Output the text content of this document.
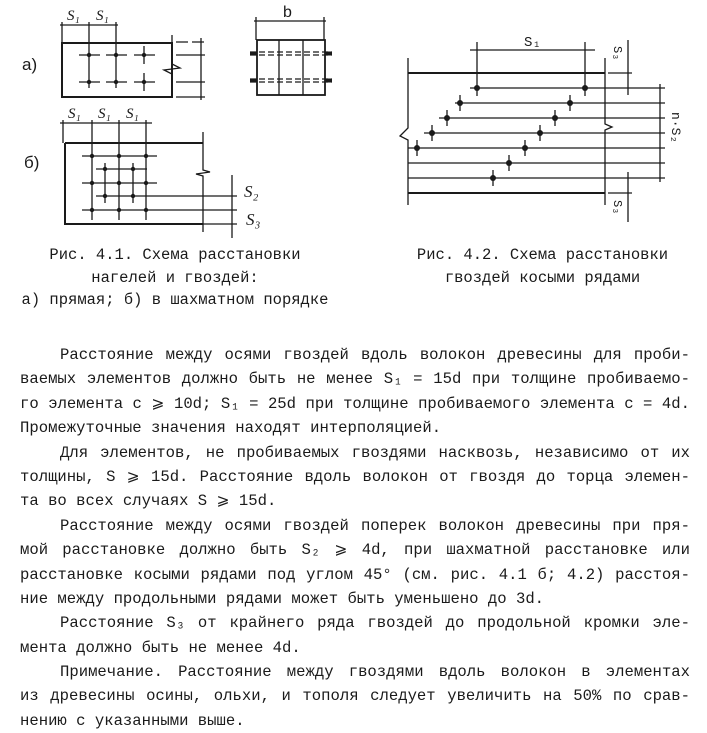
а)
S₁ S₁	b
б)
S₁ S₁ S₁
S₂
S₃
S₁
S₃
S₃
n·S₂
Рис. 4.1. Схема расстановки
нагелей и гвоздей:
а) прямая; б) в шахматном порядке
Рис. 4.2. Схема расстановки
гвоздей косыми рядами
Расстояние между осями гвоздей вдоль волокон древесины для проби-
ваемых элементов должно быть не менее S₁ = 15d при толщине пробиваемо-
го элемента с ⩾ 10d; S₁ = 25d при толщине пробиваемого элемента с = 4d.
Промежуточные значения находят интерполяцией.
Для элементов, не пробиваемых гвоздями насквозь, независимо от их
толщины, S ⩾ 15d. Расстояние вдоль волокон от гвоздя до торца элемен-
та во всех случаях S ⩾ 15d.
Расстояние между осями гвоздей поперек волокон древесины при пря-
мой расстановке должно быть S₂ ⩾ 4d, при шахматной расстановке или
расстановке косыми рядами под углом 45° (см. рис. 4.1 б; 4.2) расстоя-
ние между продольными рядами может быть уменьшено до 3d.
Расстояние S₃ от крайнего ряда гвоздей до продольной кромки эле-
мента должно быть не менее 4d.
Примечание. Расстояние между гвоздями вдоль волокон в элементах
из древесины осины, ольхи, и тополя следует увеличить на 50% по срав-
нению с указанными выше.
